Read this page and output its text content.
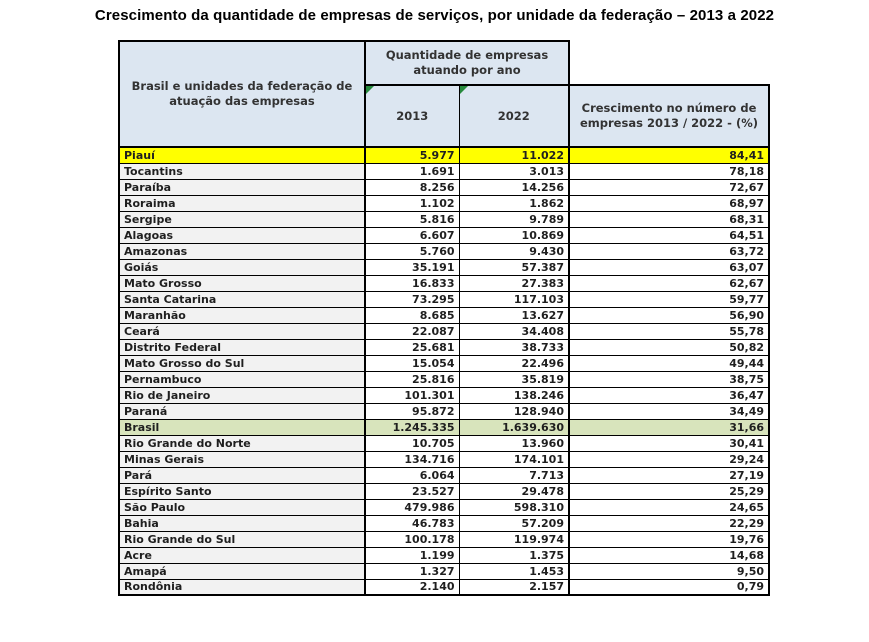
Crescimento da quantidade de empresas de serviços, por unidade da federação – 2013 a 2022
Brasil e unidades da federação de atuação das empresas	Quantidade de empresas atuando por ano		

2013	2022	Crescimento no número de empresas 2013 / 2022 - (%)
Piauí	5.977	11.022	84,41
Tocantins	1.691	3.013	78,18
Paraíba	8.256	14.256	72,67
Roraima	1.102	1.862	68,97
Sergipe	5.816	9.789	68,31
Alagoas	6.607	10.869	64,51
Amazonas	5.760	9.430	63,72
Goiás	35.191	57.387	63,07
Mato Grosso	16.833	27.383	62,67
Santa Catarina	73.295	117.103	59,77
Maranhão	8.685	13.627	56,90
Ceará	22.087	34.408	55,78
Distrito Federal	25.681	38.733	50,82
Mato Grosso do Sul	15.054	22.496	49,44
Pernambuco	25.816	35.819	38,75
Rio de Janeiro	101.301	138.246	36,47
Paraná	95.872	128.940	34,49
Brasil	1.245.335	1.639.630	31,66
Rio Grande do Norte	10.705	13.960	30,41
Minas Gerais	134.716	174.101	29,24
Pará	6.064	7.713	27,19
Espírito Santo	23.527	29.478	25,29
São Paulo	479.986	598.310	24,65
Bahia	46.783	57.209	22,29
Rio Grande do Sul	100.178	119.974	19,76
Acre	1.199	1.375	14,68
Amapá	1.327	1.453	9,50
Rondônia	2.140	2.157	0,79
